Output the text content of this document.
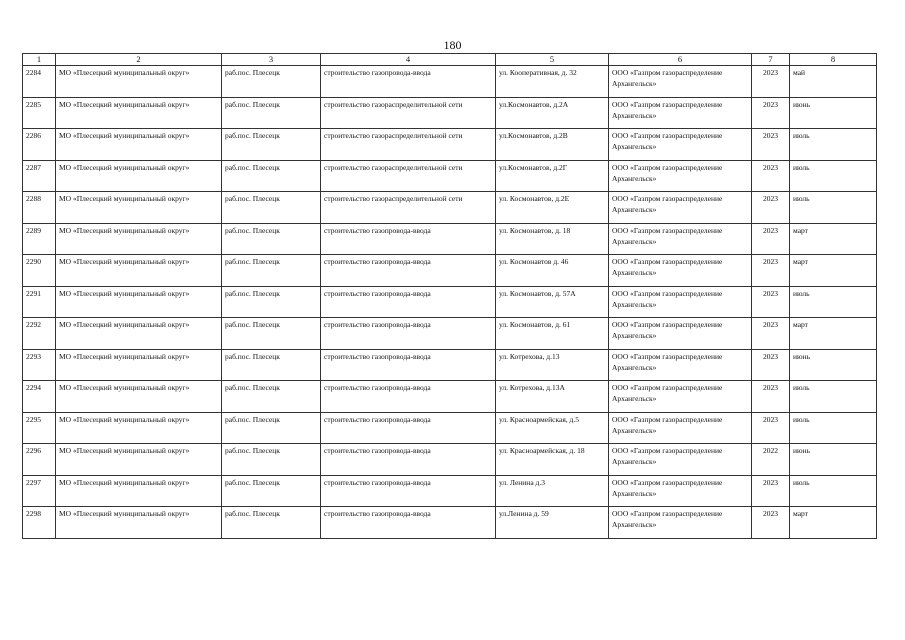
180
1	2	3	4	5	6	7	8
2284	МО «Плесецкий муниципальный округ»	раб.пос. Плесецк	строительство газопровода-ввода	ул. Кооперативная, д. 32	ООО «Газпром газораспределение Архангельск»	2023	май
2285	МО «Плесецкий муниципальный округ»	раб.пос. Плесецк	строительство газораспределительной сети	ул.Космонавтов, д.2А	ООО «Газпром газораспределение Архангельск»	2023	июнь
2286	МО «Плесецкий муниципальный округ»	раб.пос. Плесецк	строительство газораспределительной сети	ул.Космонавтов, д.2В	ООО «Газпром газораспределение Архангельск»	2023	июль
2287	МО «Плесецкий муниципальный округ»	раб.пос. Плесецк	строительство газораспределительной сети	ул.Космонавтов, д.2Г	ООО «Газпром газораспределение Архангельск»	2023	июль
2288	МО «Плесецкий муниципальный округ»	раб.пос. Плесецк	строительство газораспределительной сети	ул. Космонавтов, д.2Е	ООО «Газпром газораспределение Архангельск»	2023	июль
2289	МО «Плесецкий муниципальный округ»	раб.пос. Плесецк	строительство газопровода-ввода	ул. Космонавтов, д. 18	ООО «Газпром газораспределение Архангельск»	2023	март
2290	МО «Плесецкий муниципальный округ»	раб.пос. Плесецк	строительство газопровода-ввода	ул. Космонавтов д. 46	ООО «Газпром газораспределение Архангельск»	2023	март
2291	МО «Плесецкий муниципальный округ»	раб.пос. Плесецк	строительство газопровода-ввода	ул. Космонавтов, д. 57А	ООО «Газпром газораспределение Архангельск»	2023	июль
2292	МО «Плесецкий муниципальный округ»	раб.пос. Плесецк	строительство газопровода-ввода	ул. Космонавтов, д. 61	ООО «Газпром газораспределение Архангельск»	2023	март
2293	МО «Плесецкий муниципальный округ»	раб.пос. Плесецк	строительство газопровода-ввода	ул. Котрехова, д.13	ООО «Газпром газораспределение Архангельск»	2023	июнь
2294	МО «Плесецкий муниципальный округ»	раб.пос. Плесецк	строительство газопровода-ввода	ул. Котрехова, д.13А	ООО «Газпром газораспределение Архангельск»	2023	июль
2295	МО «Плесецкий муниципальный округ»	раб.пос. Плесецк	строительство газопровода-ввода	ул. Красноармейская, д.5	ООО «Газпром газораспределение Архангельск»	2023	июль
2296	МО «Плесецкий муниципальный округ»	раб.пос. Плесецк	строительство газопровода-ввода	ул. Красноармейская, д. 18	ООО «Газпром газораспределение Архангельск»	2022	июнь
2297	МО «Плесецкий муниципальный округ»	раб.пос. Плесецк	строительство газопровода-ввода	ул. Ленина д.3	ООО «Газпром газораспределение Архангельск»	2023	июль
2298	МО «Плесецкий муниципальный округ»	раб.пос. Плесецк	строительство газопровода-ввода	ул.Ленина д. 59	ООО «Газпром газораспределение Архангельск»	2023	март
